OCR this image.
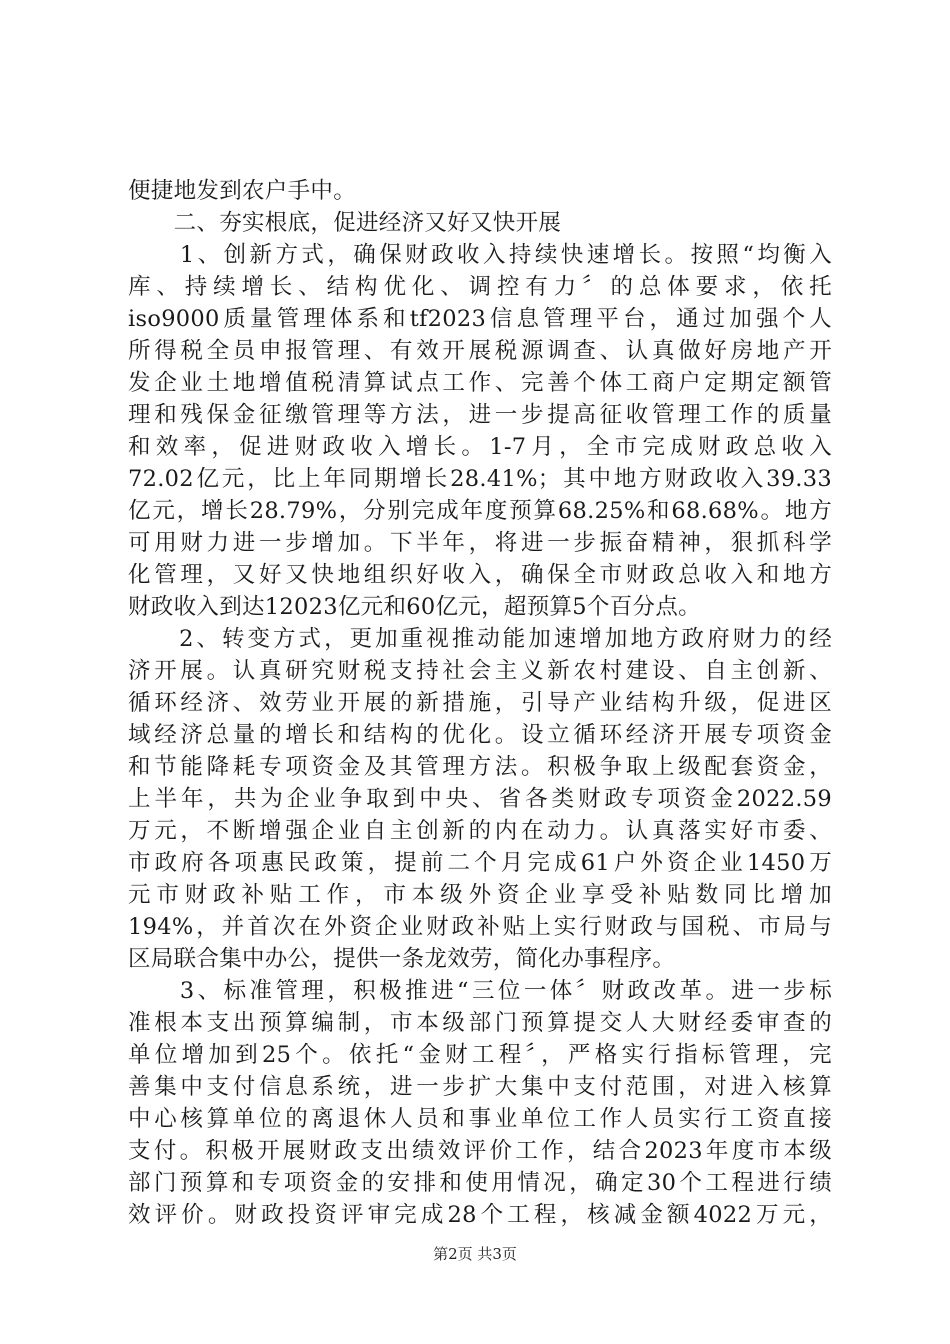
便捷地发到农户手中。
　　二、夯实根底，促进经济又好又快开展
　　1、创新方式，确保财政收入持续快速增长。按照“均衡入
库、持续增长、结构优化、调控有力〞的总体要求，依托
iso9000质量管理体系和tf2023信息管理平台，通过加强个人
所得税全员申报管理、有效开展税源调查、认真做好房地产开
发企业土地增值税清算试点工作、完善个体工商户定期定额管
理和残保金征缴管理等方法，进一步提高征收管理工作的质量
和效率，促进财政收入增长。1-7月，全市完成财政总收入
72.02亿元，比上年同期增长28.41%；其中地方财政收入39.33
亿元，增长28.79%，分别完成年度预算68.25%和68.68%。地方
可用财力进一步增加。下半年，将进一步振奋精神，狠抓科学
化管理，又好又快地组织好收入，确保全市财政总收入和地方
财政收入到达12023亿元和60亿元，超预算5个百分点。
　　2、转变方式，更加重视推动能加速增加地方政府财力的经
济开展。认真研究财税支持社会主义新农村建设、自主创新、
循环经济、效劳业开展的新措施，引导产业结构升级，促进区
域经济总量的增长和结构的优化。设立循环经济开展专项资金
和节能降耗专项资金及其管理方法。积极争取上级配套资金，
上半年，共为企业争取到中央、省各类财政专项资金2022.59
万元，不断增强企业自主创新的内在动力。认真落实好市委、
市政府各项惠民政策，提前二个月完成61户外资企业1450万
元市财政补贴工作，市本级外资企业享受补贴数同比增加
194%，并首次在外资企业财政补贴上实行财政与国税、市局与
区局联合集中办公，提供一条龙效劳，简化办事程序。
　　3、标准管理，积极推进“三位一体〞财政改革。进一步标
准根本支出预算编制，市本级部门预算提交人大财经委审查的
单位增加到25个。依托“金财工程〞，严格实行指标管理，完
善集中支付信息系统，进一步扩大集中支付范围，对进入核算
中心核算单位的离退休人员和事业单位工作人员实行工资直接
支付。积极开展财政支出绩效评价工作，结合2023年度市本级
部门预算和专项资金的安排和使用情况，确定30个工程进行绩
效评价。财政投资评审完成28个工程，核减金额4022万元，
第2页 共3页
